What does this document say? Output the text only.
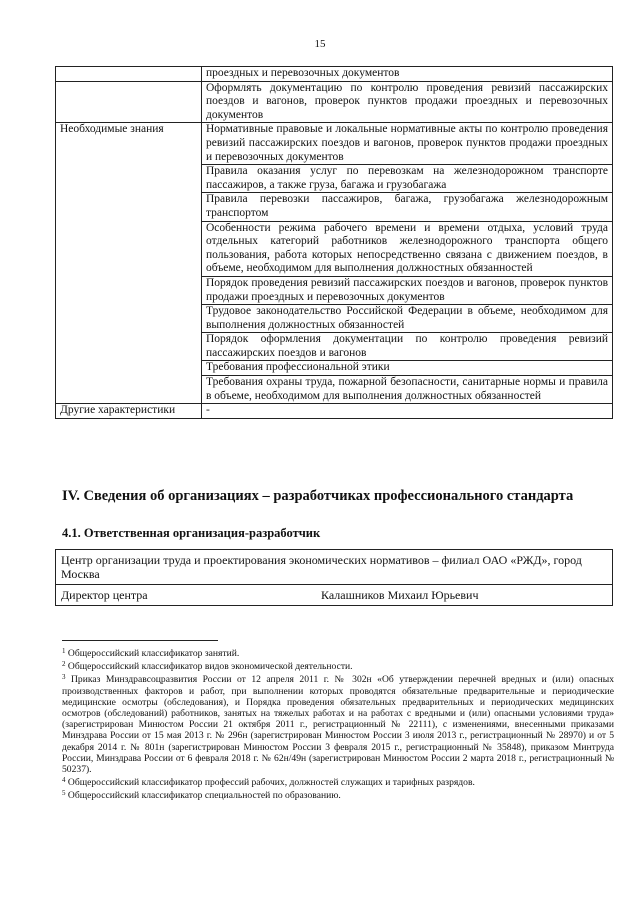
15
	проездных и перевозочных документов
	Оформлять документацию по контролю проведения ревизий пассажирских поездов и вагонов, проверок пунктов продажи проездных и перевозочных документов
Необходимые знания	Нормативные правовые и локальные нормативные акты по контролю проведения ревизий пассажирских поездов и вагонов, проверок пунктов продажи проездных и перевозочных документов
	Правила оказания услуг по перевозкам на железнодорожном транспорте пассажиров, а также груза, багажа и грузобагажа
	Правила перевозки пассажиров, багажа, грузобагажа железнодорожным транспортом
	Особенности режима рабочего времени и времени отдыха, условий труда отдельных категорий работников железнодорожного транспорта общего пользования, работа которых непосредственно связана с движением поездов, в объеме, необходимом для выполнения должностных обязанностей
	Порядок проведения ревизий пассажирских поездов и вагонов, проверок пунктов продажи проездных и перевозочных документов
	Трудовое законодательство Российской Федерации в объеме, необходимом для выполнения должностных обязанностей
	Порядок оформления документации по контролю проведения ревизий пассажирских поездов и вагонов
	Требования профессиональной этики
	Требования охраны труда, пожарной безопасности, санитарные нормы и правила в объеме, необходимом для выполнения должностных обязанностей
Другие характеристики	-
IV. Сведения об организациях – разработчиках профессионального стандарта
4.1. Ответственная организация-разработчик
Центр организации труда и проектирования экономических нормативов – филиал ОАО «РЖД», город Москва

Директор центра	Калашников Михаил Юрьевич

$^1$ Общероссийский классификатор занятий.

$^2$ Общероссийский классификатор видов экономической деятельности.

$^3$ Приказ Минздравсоцразвития России от 12 апреля 2011 г. № 302н «Об утверждении перечней вредных и (или) опасных производственных факторов и работ, при выполнении которых проводятся обязательные предварительные и периодические медицинские осмотры (обследования), и Порядка проведения обязательных предварительных и периодических медицинских осмотров (обследований) работников, занятых на тяжелых работах и на работах с вредными и (или) опасными условиями труда» (зарегистрирован Минюстом России 21 октября 2011 г., регистрационный № 22111), с изменениями, внесенными приказами Минздрава России от 15 мая 2013 г. № 296н (зарегистрирован Минюстом России 3 июля 2013 г., регистрационный № 28970) и от 5 декабря 2014 г. № 801н (зарегистрирован Минюстом России 3 февраля 2015 г., регистрационный № 35848), приказом Минтруда России, Минздрава России от 6 февраля 2018 г. № 62н/49н (зарегистрирован Минюстом России 2 марта 2018 г., регистрационный № 50237).

$^4$ Общероссийский классификатор профессий рабочих, должностей служащих и тарифных разрядов.

$^5$ Общероссийский классификатор специальностей по образованию.
